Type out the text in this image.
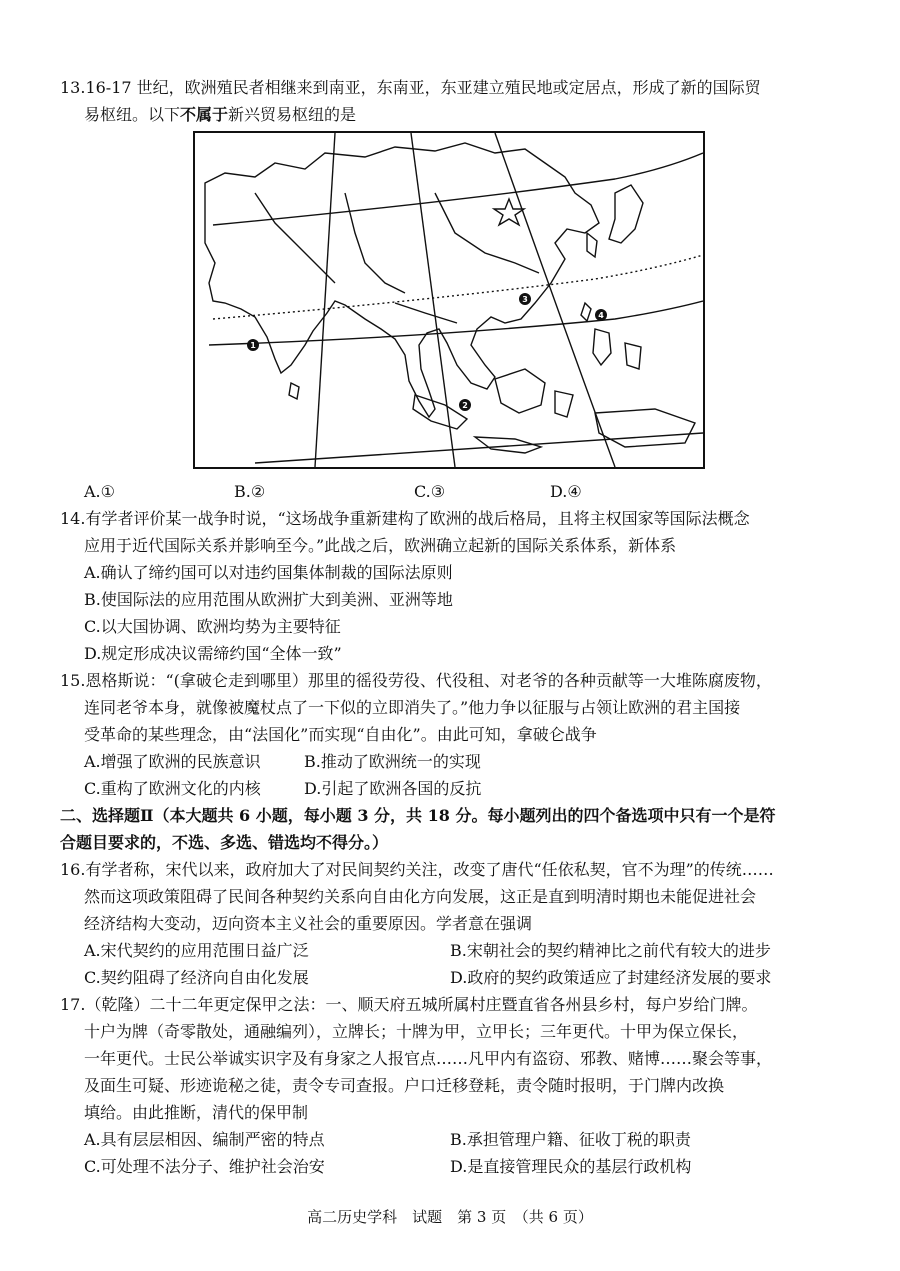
13.16-17 世纪，欧洲殖民者相继来到南亚，东南亚，东亚建立殖民地或定居点，形成了新的国际贸
易枢纽。以下不属于新兴贸易枢纽的是
1
2
3
4
A.①	B.②	C.③	D.④
14.有学者评价某一战争时说，“这场战争重新建构了欧洲的战后格局，且将主权国家等国际法概念
应用于近代国际关系并影响至今。”此战之后，欧洲确立起新的国际关系体系，新体系
A.确认了缔约国可以对违约国集体制裁的国际法原则
B.使国际法的应用范围从欧洲扩大到美洲、亚洲等地
C.以大国协调、欧洲均势为主要特征
D.规定形成决议需缔约国“全体一致”
15.恩格斯说：“(拿破仑走到哪里）那里的徭役劳役、代役租、对老爷的各种贡献等一大堆陈腐废物，
连同老爷本身，就像被魔杖点了一下似的立即消失了。”他力争以征服与占领让欧洲的君主国接
受革命的某些理念，由“法国化”而实现“自由化”。由此可知，拿破仑战争
A.增强了欧洲的民族意识	B.推动了欧洲统一的实现
C.重构了欧洲文化的内核	D.引起了欧洲各国的反抗
二、选择题Ⅱ（本大题共 6 小题，每小题 3 分，共 18 分。每小题列出的四个备选项中只有一个是符
合题目要求的，不选、多选、错选均不得分。）
16.有学者称，宋代以来，政府加大了对民间契约关注，改变了唐代“任依私契，官不为理”的传统……
然而这项政策阻碍了民间各种契约关系向自由化方向发展，这正是直到明清时期也未能促进社会
经济结构大变动，迈向资本主义社会的重要原因。学者意在强调
A.宋代契约的应用范围日益广泛	B.宋朝社会的契约精神比之前代有较大的进步
C.契约阻碍了经济向自由化发展	D.政府的契约政策适应了封建经济发展的要求
17.（乾隆）二十二年更定保甲之法：一、顺天府五城所属村庄暨直省各州县乡村，每户岁给门牌。
十户为牌（奇零散处，通融编列），立牌长；十牌为甲，立甲长；三年更代。十甲为保立保长，
一年更代。士民公举诚实识字及有身家之人报官点……凡甲内有盗窃、邪教、赌博……聚会等事，
及面生可疑、形迹诡秘之徒，责令专司查报。户口迁移登耗，责令随时报明，于门牌内改换
填给。由此推断，清代的保甲制
A.具有层层相因、编制严密的特点	B.承担管理户籍、征收丁税的职责
C.可处理不法分子、维护社会治安	D.是直接管理民众的基层行政机构
高二历史学科　试题　第 3 页　（共 6 页）
